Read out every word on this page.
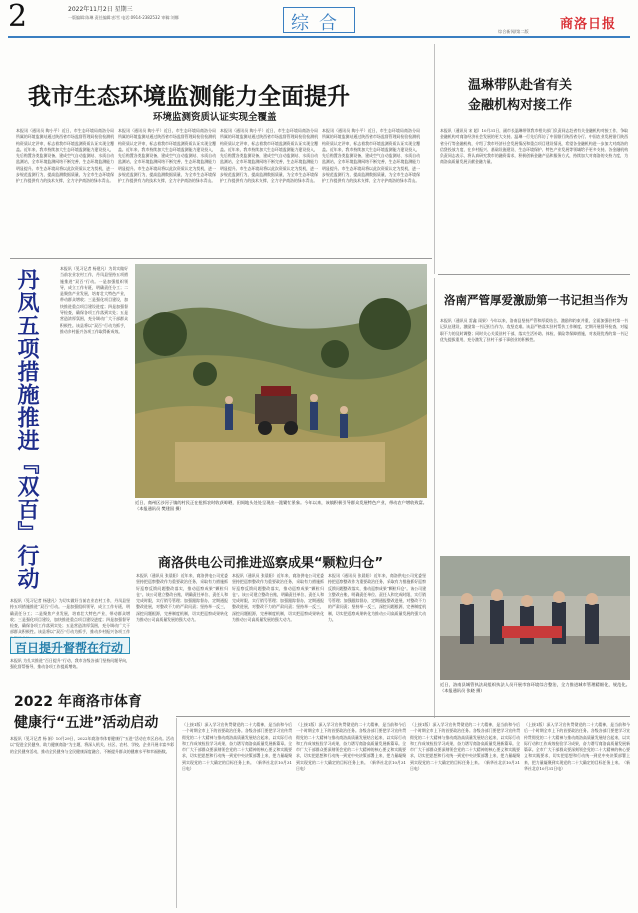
2	2022年11月2日 星期三
一版编辑:陈琳 责任编辑:彭雪 电话:0914-2382532 审稿:刘娜	综合	综合新闻/第二版 商洛日报
我市生态环境监测能力全面提升
环境监测资质认证实现全覆盖
本报讯（通讯员 陶小平）近日，市生态环境局商洛分局所属的环境监测站通过陕西省市场监督管理局检验检测机构资质认定评审，标志着我市环境监测资质认证实现全覆盖。近年来，我市持续加大生态环境监测能力建设投入，先后购置各类监测设备，建成空气自动监测站、水质自动监测站，全市环境监测网络不断完善，生态环境监测能力明显提升。市生态环境局将以此次资质认定为契机，进一步规范监测行为，提高监测数据质量，为全市生态环境保护工作提供有力的技术支撑，全力守护商洛的绿水青山。
本报讯（通讯员 陶小平）近日，市生态环境局商洛分局所属的环境监测站通过陕西省市场监督管理局检验检测机构资质认定评审，标志着我市环境监测资质认证实现全覆盖。近年来，我市持续加大生态环境监测能力建设投入，先后购置各类监测设备，建成空气自动监测站、水质自动监测站，全市环境监测网络不断完善，生态环境监测能力明显提升。市生态环境局将以此次资质认定为契机，进一步规范监测行为，提高监测数据质量，为全市生态环境保护工作提供有力的技术支撑，全力守护商洛的绿水青山。
本报讯（通讯员 陶小平）近日，市生态环境局商洛分局所属的环境监测站通过陕西省市场监督管理局检验检测机构资质认定评审，标志着我市环境监测资质认证实现全覆盖。近年来，我市持续加大生态环境监测能力建设投入，先后购置各类监测设备，建成空气自动监测站、水质自动监测站，全市环境监测网络不断完善，生态环境监测能力明显提升。市生态环境局将以此次资质认定为契机，进一步规范监测行为，提高监测数据质量，为全市生态环境保护工作提供有力的技术支撑，全力守护商洛的绿水青山。
本报讯（通讯员 陶小平）近日，市生态环境局商洛分局所属的环境监测站通过陕西省市场监督管理局检验检测机构资质认定评审，标志着我市环境监测资质认证实现全覆盖。近年来，我市持续加大生态环境监测能力建设投入，先后购置各类监测设备，建成空气自动监测站、水质自动监测站，全市环境监测网络不断完善，生态环境监测能力明显提升。市生态环境局将以此次资质认定为契机，进一步规范监测行为，提高监测数据质量，为全市生态环境保护工作提供有力的技术支撑，全力守护商洛的绿水青山。
温琳带队赴省有关
金融机构对接工作
本报讯（通讯员 宋 超）10月31日，副市长温琳带领我市相关部门负责同志赴省有关金融机构对接工作，争取金融机构对商洛经济社会发展的更大支持。温琳一行先后拜访了中国银行陕西省分行、中国农业发展银行陕西省分行等金融机构，介绍了我市经济社会发展情况和重点项目建设情况，希望各金融机构进一步加大对商洛的信贷投放力度，在乡村振兴、基础设施建设、生态环境保护、特色产业发展等领域给予更多支持。各金融机构负责同志表示，将认真研究我市的融资需求，积极创新金融产品和服务方式，持续加大对商洛的支持力度，为商洛高质量发展贡献金融力量。
丹凤五项措施推进『双百』行动
本报讯（见习记者 杨建凡）为切实做好当前农业农村工作，丹凤县坚持五项措施推进“双百”行动。一是加强组织领导，成立工作专班，明确责任分工；二是聚焦产业发展，培育壮大特色产业，带动群众增收；三是强化项目建设，加快推进重点项目建设进度；四是加强督导检查，确保各项工作落到实处；五是营造浓厚氛围，充分调动广大干部群众积极性。该县将以“双百”行动为抓手，推动乡村振兴各项工作取得新成效。
本报讯（见习记者 杨建凡）为切实做好当前农业农村工作，丹凤县坚持五项措施推进“双百”行动。一是加强组织领导，成立工作专班，明确责任分工；二是聚焦产业发展，培育壮大特色产业，带动群众增收；三是强化项目建设，加快推进重点项目建设进度；四是加强督导检查，确保各项工作落到实处；五是营造浓厚氛围，充分调动广大干部群众积极性。该县将以“双百”行动为抓手，推动乡村振兴各项工作
近日，商州区沙河子镇的村民正在抢抓农时收获晾晒，田间地头处处呈现出一派繁忙景象。今年以来，该镇积极引导群众发展特色产业，带动农户增收致富。（本报通讯员 樊建国 摄）
商洛供电公司推进巡察成果“颗粒归仓”
本报讯（通讯员 张晨阳）近年来，商洛供电公司党委坚持把巡察整改作为重要政治任务，采取有力措施抓好巡察反馈问题整改落实，推动巡察成果“颗粒归仓”。该公司建立整改台账，明确责任单位、责任人和完成时限，实行销号管理；加强跟踪督办，定期通报整改进展，对整改不力的严肃问责；坚持举一反三，深挖问题根源，完善制度机制，切实把巡察成果转化为推动公司高质量发展的强大动力。
本报讯（通讯员 张晨阳）近年来，商洛供电公司党委坚持把巡察整改作为重要政治任务，采取有力措施抓好巡察反馈问题整改落实，推动巡察成果“颗粒归仓”。该公司建立整改台账，明确责任单位、责任人和完成时限，实行销号管理；加强跟踪督办，定期通报整改进展，对整改不力的严肃问责；坚持举一反三，深挖问题根源，完善制度机制，切实把巡察成果转化为推动公司高质量发展的强大动力。
本报讯（通讯员 张晨阳）近年来，商洛供电公司党委坚持把巡察整改作为重要政治任务，采取有力措施抓好巡察反馈问题整改落实，推动巡察成果“颗粒归仓”。该公司建立整改台账，明确责任单位、责任人和完成时限，实行销号管理；加强跟踪督办，定期通报整改进展，对整改不力的严肃问责；坚持举一反三，深挖问题根源，完善制度机制，切实把巡察成果转化为推动公司高质量发展的强大动力。
洛南严管厚爱激励第一书记担当作为
本报讯（通讯员 雷鑫 雨果）今年以来，洛南县坚持严管和厚爱结合、激励和约束并重，全面加强驻村第一书记队伍建设，激励第一书记担当作为、攻坚克难。该县严格落实驻村帮扶工作制度，定期开展督导检查，对履职不力的及时调整；同时关心关爱驻村干部，落实生活补助、体检、保险等保障措施，对表现优秀的第一书记优先提拔重用，充分激发了驻村干部干事创业的积极性。
近日，洛南县城管执法局组织执法人员开展市容环境综合整治，全力推进城市管理精细化、规范化。（本报通讯员 张晓 摄）
百日提升督帮在行动
本报讯 为扎实推进“百日提升”行动，我市各级各部门坚持问题导向，强化督帮指导，推动各项工作提质增效。
2022 年商洛市体育
健康行“五进”活动启动
本报讯（见习记者 杨 娟）10月29日，2022年商洛市体育健康行“五进”活动在市区启动。活动以“促进全民健身，助力健康商洛”为主题，将深入机关、社区、农村、学校、企业开展丰富多彩的全民健身活动，推动全民健身与全民健康深度融合，不断提升群众的健康水平和幸福指数。
（上接1版）深入学习宣传贯彻党的二十大精神，是当前和今后一个时期全市上下的首要政治任务。各级各部门要把学习宣传贯彻党的二十大精神与推动商洛高质量发展结合起来，以实际行动和工作成效检验学习成果，奋力谱写商洛高质量发展新篇章。全市广大干部群众要深刻领会党的二十大精神的核心要义和实践要求，切实把思想和行动统一到党中央决策部署上来，把力量凝聚到实现党的二十大确定的目标任务上来。（新华社北京10月31日电）
（上接1版）深入学习宣传贯彻党的二十大精神，是当前和今后一个时期全市上下的首要政治任务。各级各部门要把学习宣传贯彻党的二十大精神与推动商洛高质量发展结合起来，以实际行动和工作成效检验学习成果，奋力谱写商洛高质量发展新篇章。全市广大干部群众要深刻领会党的二十大精神的核心要义和实践要求，切实把思想和行动统一到党中央决策部署上来，把力量凝聚到实现党的二十大确定的目标任务上来。（新华社北京10月31日电）
（上接1版）深入学习宣传贯彻党的二十大精神，是当前和今后一个时期全市上下的首要政治任务。各级各部门要把学习宣传贯彻党的二十大精神与推动商洛高质量发展结合起来，以实际行动和工作成效检验学习成果，奋力谱写商洛高质量发展新篇章。全市广大干部群众要深刻领会党的二十大精神的核心要义和实践要求，切实把思想和行动统一到党中央决策部署上来，把力量凝聚到实现党的二十大确定的目标任务上来。（新华社北京10月31日电）
（上接1版）深入学习宣传贯彻党的二十大精神，是当前和今后一个时期全市上下的首要政治任务。各级各部门要把学习宣传贯彻党的二十大精神与推动商洛高质量发展结合起来，以实际行动和工作成效检验学习成果，奋力谱写商洛高质量发展新篇章。全市广大干部群众要深刻领会党的二十大精神的核心要义和实践要求，切实把思想和行动统一到党中央决策部署上来，把力量凝聚到实现党的二十大确定的目标任务上来。（新华社北京10月31日电）
